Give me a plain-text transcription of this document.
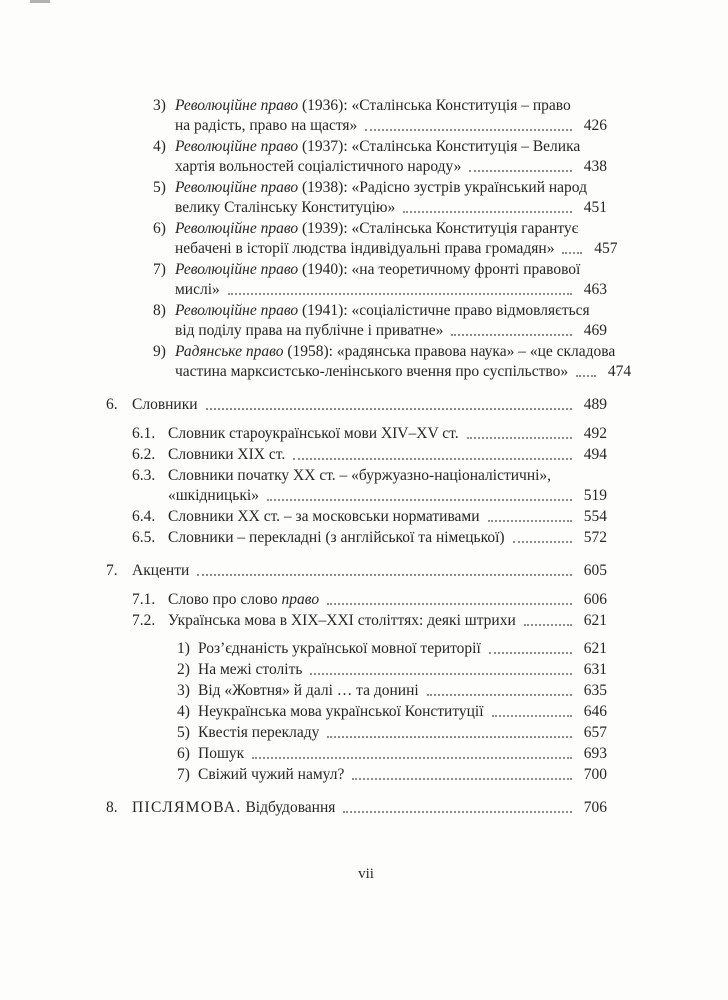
3) Революційне право (1936): «Сталінська Конституція – право
на радість, право на щастя»	426
4) Революційне право (1937): «Сталінська Конституція – Велика
хартія вольностей соціалістичного народу»	438
5) Революційне право (1938): «Радісно зустрів український народ
велику Сталінську Конституцію»	451
6) Революційне право (1939): «Сталінська Конституція гарантує
небачені в історії людства індивідуальні права громадян»	457
7) Революційне право (1940): «на теоретичному фронті правової
мислі»	463
8) Революційне право (1941): «соціалістичне право відмовляється
від поділу права на публічне і приватне»	469
9) Радянське право (1958): «радянська правова наука» – «це складова
частина марксистсько-ленінського вчення про суспільство»	474
6. Словники	489
6.1. Словник староукраїнської мови XIV–XV ст.	492
6.2. Словники XIX ст.	494
6.3. Словники початку XX ст. – «буржуазно-націоналістичні»,
«шкідницькі»	519
6.4. Словники XX ст. – за московськи нормативами	554
6.5. Словники – перекладні (з англійської та німецької)	572
7. Акценти	605
7.1. Слово про слово право	606
7.2. Українська мова в XIX–XXI століттях: деякі штрихи	621
1) Роз’єднаність української мовної території	621
2) На межі століть	631
3) Від «Жовтня» й далі … та донині	635
4) Неукраїнська мова української Конституції	646
5) Квестія перекладу	657
6) Пошук	693
7) Свіжий чужий намул?	700
8. ПІСЛЯМОВА. Відбудовання	706
vii
